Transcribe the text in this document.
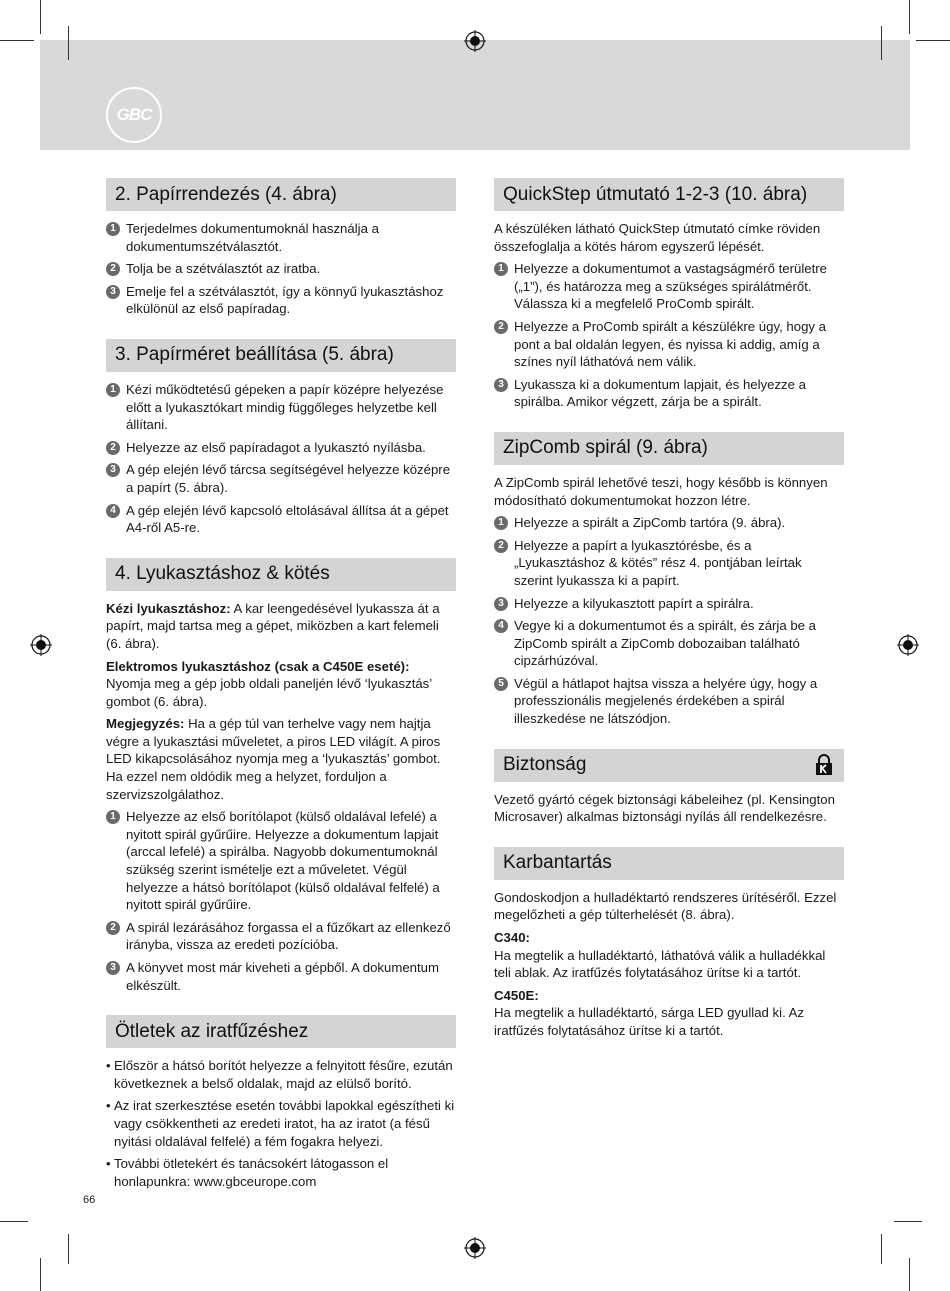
GBC
2. Papírrendezés (4. ábra)
1 Terjedelmes dokumentumoknál használja a dokumentumszétválasztót.
2 Tolja be a szétválasztót az iratba.
3 Emelje fel a szétválasztót, így a könnyű lyukasztáshoz elkülönül az első papíradag.
3. Papírméret beállítása (5. ábra)
1 Kézi működtetésű gépeken a papír középre helyezése előtt a lyukasztókart mindig függőleges helyzetbe kell állítani.
2 Helyezze az első papíradagot a lyukasztó nyílásba.
3 A gép elején lévő tárcsa segítségével helyezze középre a papírt (5. ábra).
4 A gép elején lévő kapcsoló eltolásával állítsa át a gépet A4-ről A5-re.
4. Lyukasztáshoz & kötés

Kézi lyukasztáshoz: A kar leengedésével lyukassza át a papírt, majd tartsa meg a gépet, miközben a kart felemeli (6. ábra).

Elektromos lyukasztáshoz (csak a C450E eseté):
Nyomja meg a gép jobb oldali paneljén lévő ‘lyukasztás’ gombot (6. ábra).

Megjegyzés: Ha a gép túl van terhelve vagy nem hajtja végre a lyukasztási műveletet, a piros LED világít. A piros LED kikapcsolásához nyomja meg a ‘lyukasztás’ gombot. Ha ezzel nem oldódik meg a helyzet, forduljon a szervizszolgálathoz.

1 Helyezze az első borítólapot (külső oldalával lefelé) a nyitott spirál gyűrűire. Helyezze a dokumentum lapjait (arccal lefelé) a spirálba. Nagyobb dokumentumoknál szükség szerint ismételje ezt a műveletet. Végül helyezze a hátsó borítólapot (külső oldalával felfelé) a nyitott spirál gyűrűire.
2 A spirál lezárásához forgassa el a fűzőkart az ellenkező irányba, vissza az eredeti pozícióba.
3 A könyvet most már kiveheti a gépből. A dokumentum elkészült.
Ötletek az iratfűzéshez
• Először a hátsó borítót helyezze a felnyitott fésűre, ezután következnek a belső oldalak, majd az elülső borító.
• Az irat szerkesztése esetén további lapokkal egészítheti ki vagy csökkentheti az eredeti iratot, ha az iratot (a fésű nyitási oldalával felfelé) a fém fogakra helyezi.
• További ötletekért és tanácsokért látogasson el honlapunkra: www.gbceurope.com
QuickStep útmutató 1-2-3 (10. ábra)

A készüléken látható QuickStep útmutató címke röviden összefoglalja a kötés három egyszerű lépését.

1 Helyezze a dokumentumot a vastagságmérő területre („1”), és határozza meg a szükséges spirálátmérőt. Válassza ki a megfelelő ProComb spirált.
2 Helyezze a ProComb spirált a készülékre úgy, hogy a pont a bal oldalán legyen, és nyissa ki addig, amíg a színes nyíl láthatóvá nem válik.
3 Lyukassza ki a dokumentum lapjait, és helyezze a spirálba. Amikor végzett, zárja be a spirált.
ZipComb spirál (9. ábra)

A ZipComb spirál lehetővé teszi, hogy később is könnyen módosítható dokumentumokat hozzon létre.

1 Helyezze a spirált a ZipComb tartóra (9. ábra).
2 Helyezze a papírt a lyukasztórésbe, és a „Lyukasztáshoz & kötés” rész 4. pontjában leírtak szerint lyukassza ki a papírt.
3 Helyezze a kilyukasztott papírt a spirálra.
4 Vegye ki a dokumentumot és a spirált, és zárja be a ZipComb spirált a ZipComb dobozaiban található cipzárhúzóval.
5 Végül a hátlapot hajtsa vissza a helyére úgy, hogy a professzionális megjelenés érdekében a spirál illeszkedése ne látszódjon.
Biztonság

Vezető gyártó cégek biztonsági kábeleihez (pl. Kensington Microsaver) alkalmas biztonsági nyílás áll rendelkezésre.

Karbantartás

Gondoskodjon a hulladéktartó rendszeres ürítéséről. Ezzel megelőzheti a gép túlterhelését (8. ábra).

C340:
Ha megtelik a hulladéktartó, láthatóvá válik a hulladékkal teli ablak. Az iratfűzés folytatásához ürítse ki a tartót.

C450E:
Ha megtelik a hulladéktartó, sárga LED gyullad ki. Az iratfűzés folytatásához ürítse ki a tartót.

66
